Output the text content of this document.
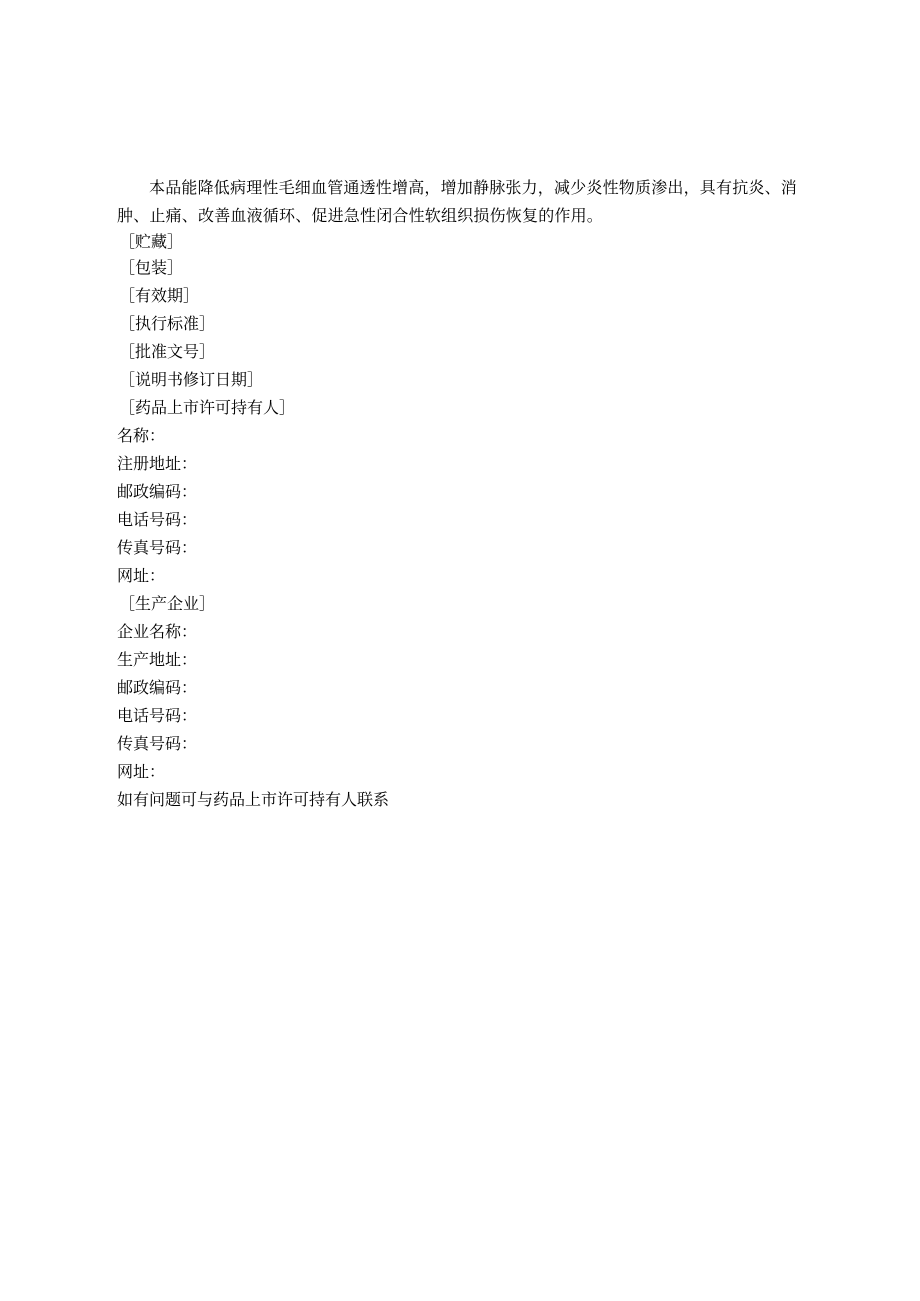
本品能降低病理性毛细血管通透性增高，增加静脉张力，减少炎性物质渗出，具有抗炎、消肿、止痛、改善血液循环、促进急性闭合性软组织损伤恢复的作用。

［贮藏］
［包装］
［有效期］
［执行标准］
［批准文号］
［说明书修订日期］
［药品上市许可持有人］
名称：
注册地址：
邮政编码：
电话号码：
传真号码：
网址：
［生产企业］
企业名称：
生产地址：
邮政编码：
电话号码：
传真号码：
网址：
如有问题可与药品上市许可持有人联系
